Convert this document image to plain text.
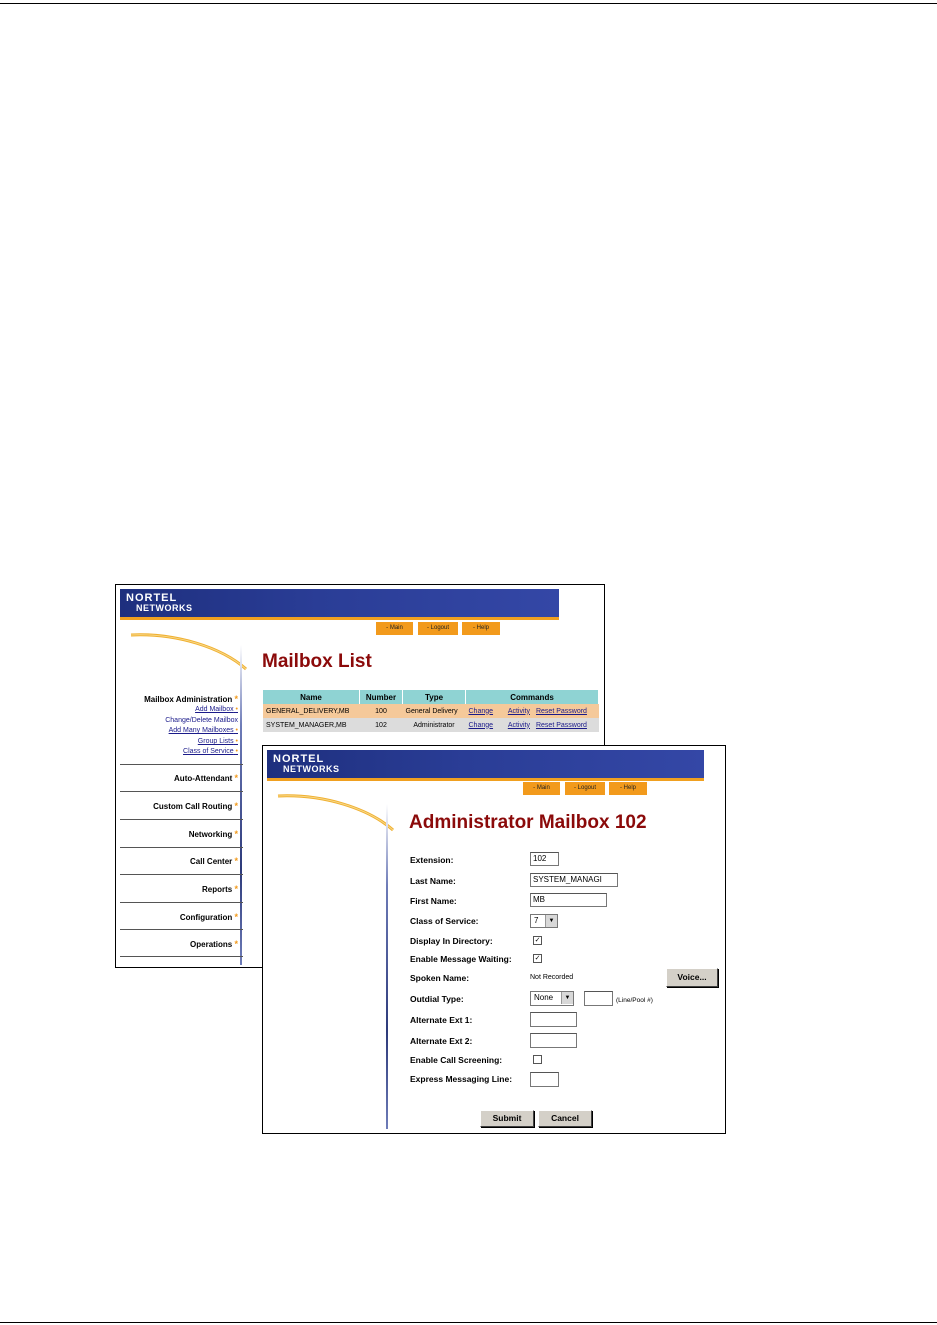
NORTEL
NETWORKS
- Main	- Logout	- Help
Mailbox List
Mailbox Administration *
Add Mailbox •
Change/Delete Mailbox
Add Many Mailboxes •
Group Lists •
Class of Service •
Auto-Attendant *
Custom Call Routing *
Networking *
Call Center *
Reports *
Configuration *
Operations *
Name	Number	Type	Commands		
GENERAL_DELIVERY,MB	100	General Delivery	Change	Activity	Reset Password
SYSTEM_MANAGER,MB	102	Administrator	Change	Activity	Reset Password
NORTEL
NETWORKS
- Main	- Logout	- Help
Administrator Mailbox 102
Extension:	102
Last Name:	SYSTEM_MANAGI
First Name:	MB
Class of Service:	7	▼
Display In Directory:	✓
Enable Message Waiting:	✓
Spoken Name:	Not Recorded	Voice...
Outdial Type:	None	▼	(Line/Pool #)
Alternate Ext 1:
Alternate Ext 2:
Enable Call Screening:
Express Messaging Line:
Submit	Cancel
